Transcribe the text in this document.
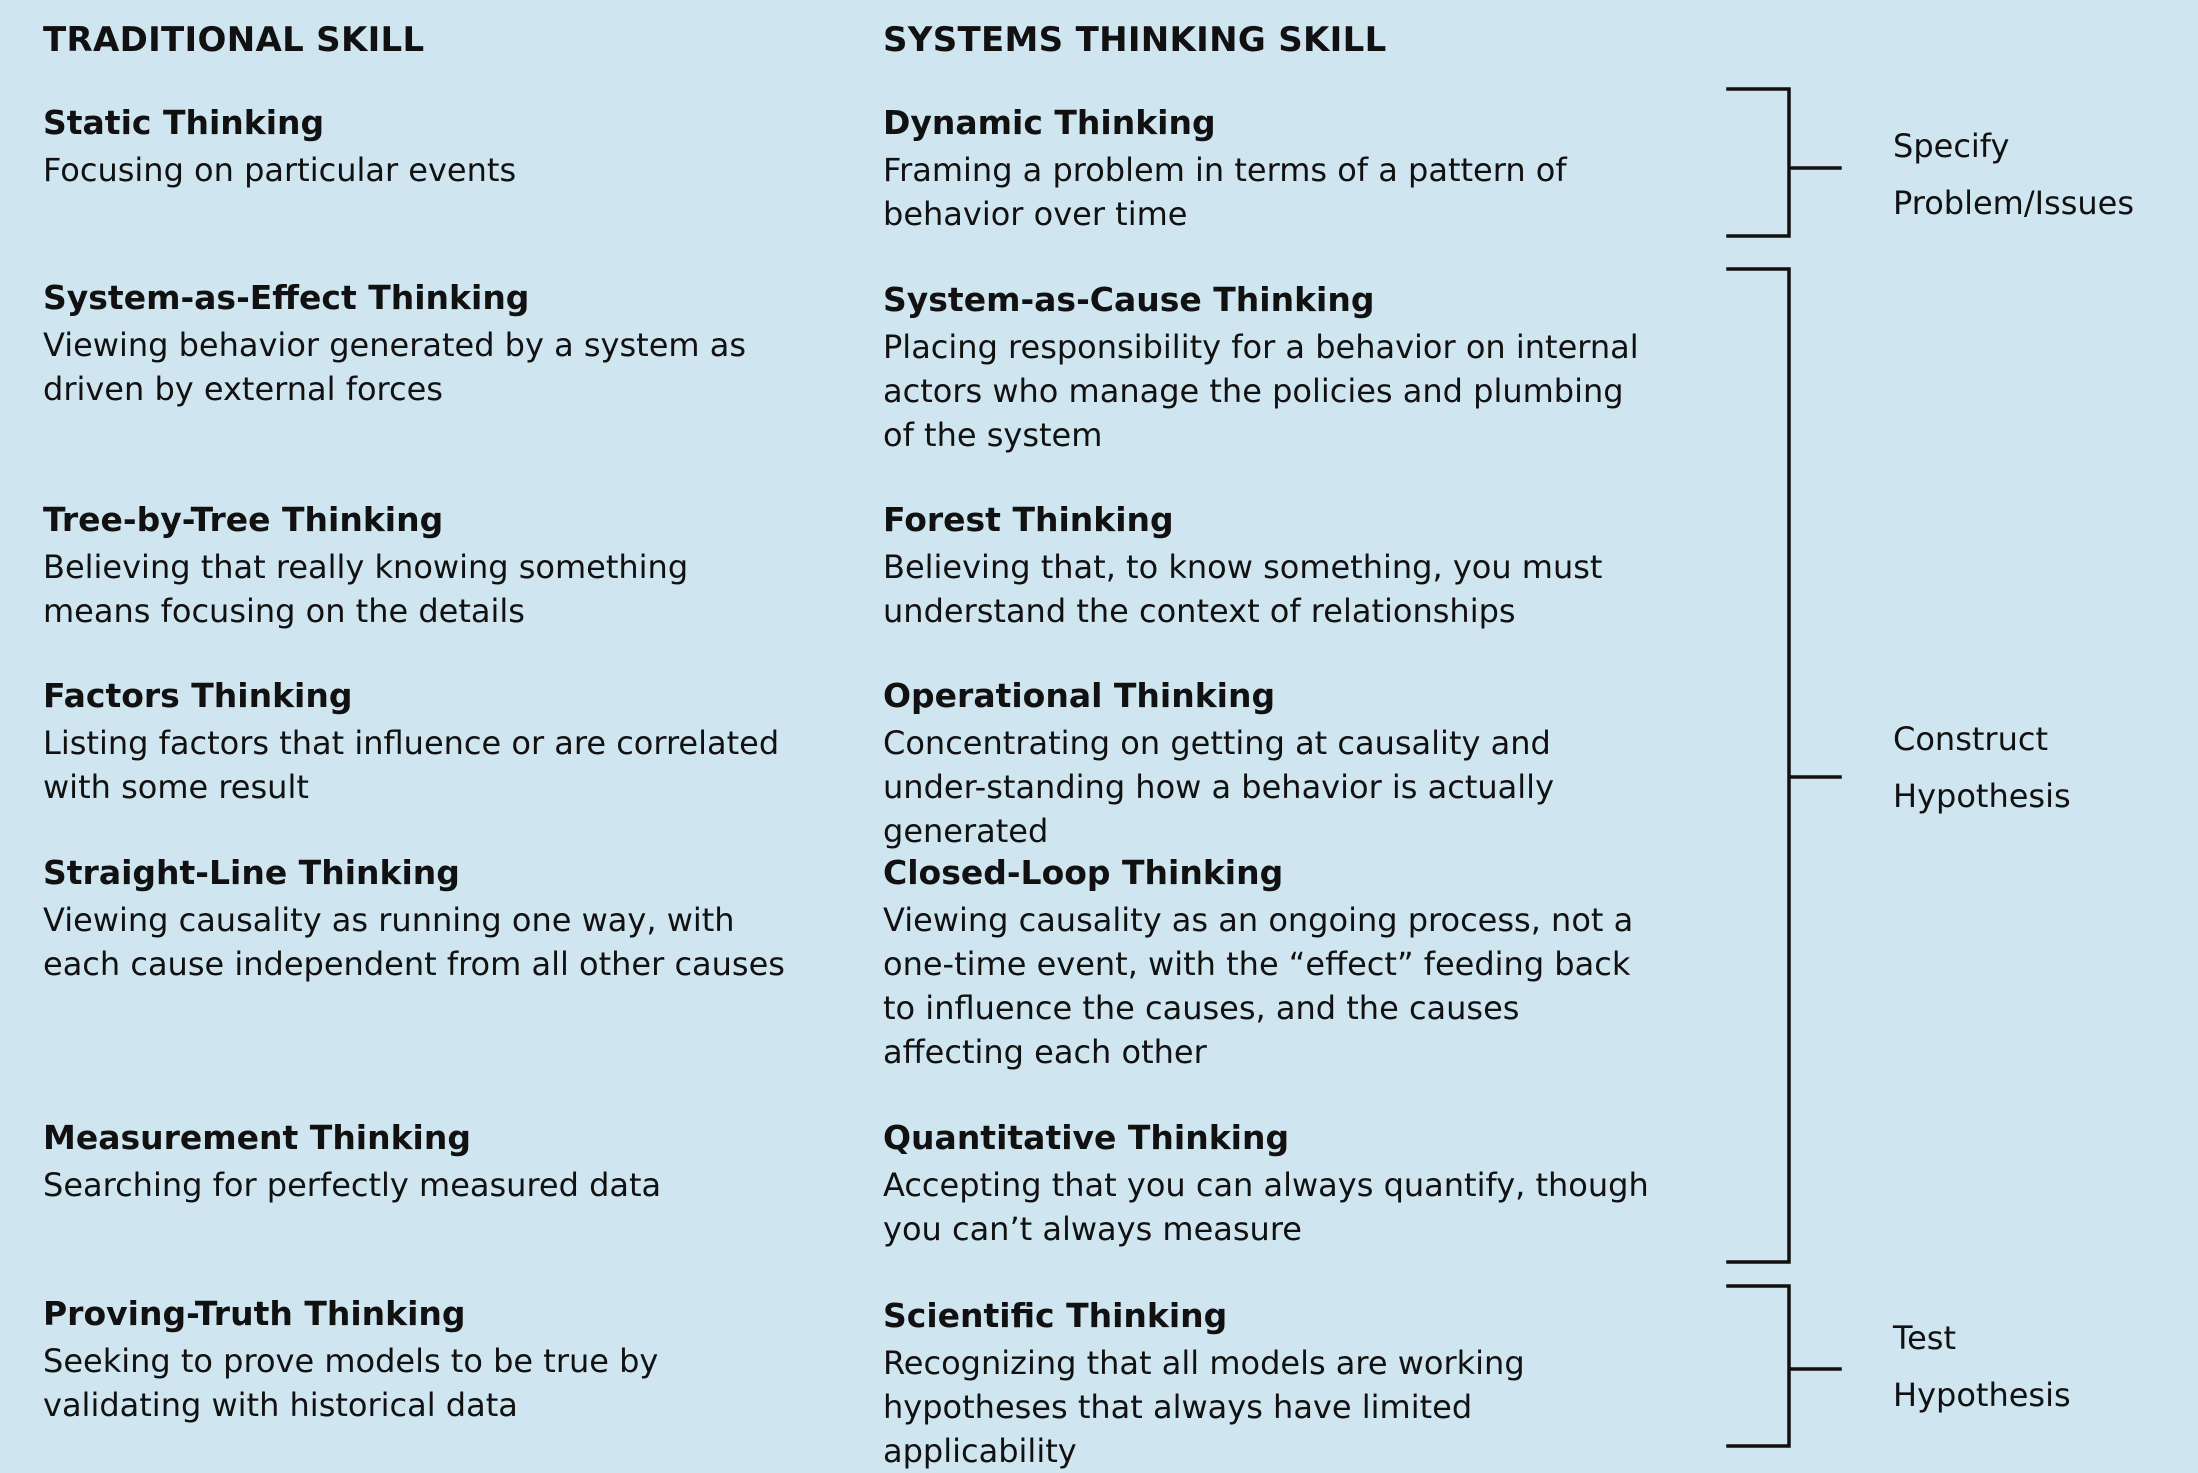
TRADITIONAL SKILL	SYSTEMS THINKING SKILL
Static Thinking
Focusing on particular events
Dynamic Thinking
Framing a problem in terms of a pattern of behavior over time
System-as-Effect Thinking
Viewing behavior generated by a system as driven by external forces
System-as-Cause Thinking
Placing responsibility for a behavior on internal actors who manage the policies and plumbing of the system
Tree-by-Tree Thinking
Believing that really knowing something means focusing on the details
Forest Thinking
Believing that, to know something, you must understand the context of relationships
Factors Thinking
Listing factors that influence or are correlated with some result
Operational Thinking
Concentrating on getting at causality and under-standing how a behavior is actually generated
Straight-Line Thinking
Viewing causality as running one way, with each cause independent from all other causes
Closed-Loop Thinking
Viewing causality as an ongoing process, not a one-time event, with the “effect” feeding back to influence the causes, and the causes affecting each other
Measurement Thinking
Searching for perfectly measured data
Quantitative Thinking
Accepting that you can always quantify, though you can’t always measure
Proving-Truth Thinking
Seeking to prove models to be true by validating with historical data
Scientific Thinking
Recognizing that all models are working hypotheses that always have limited applicability
Specify
Problem/Issues
Construct
Hypothesis
Test
Hypothesis
